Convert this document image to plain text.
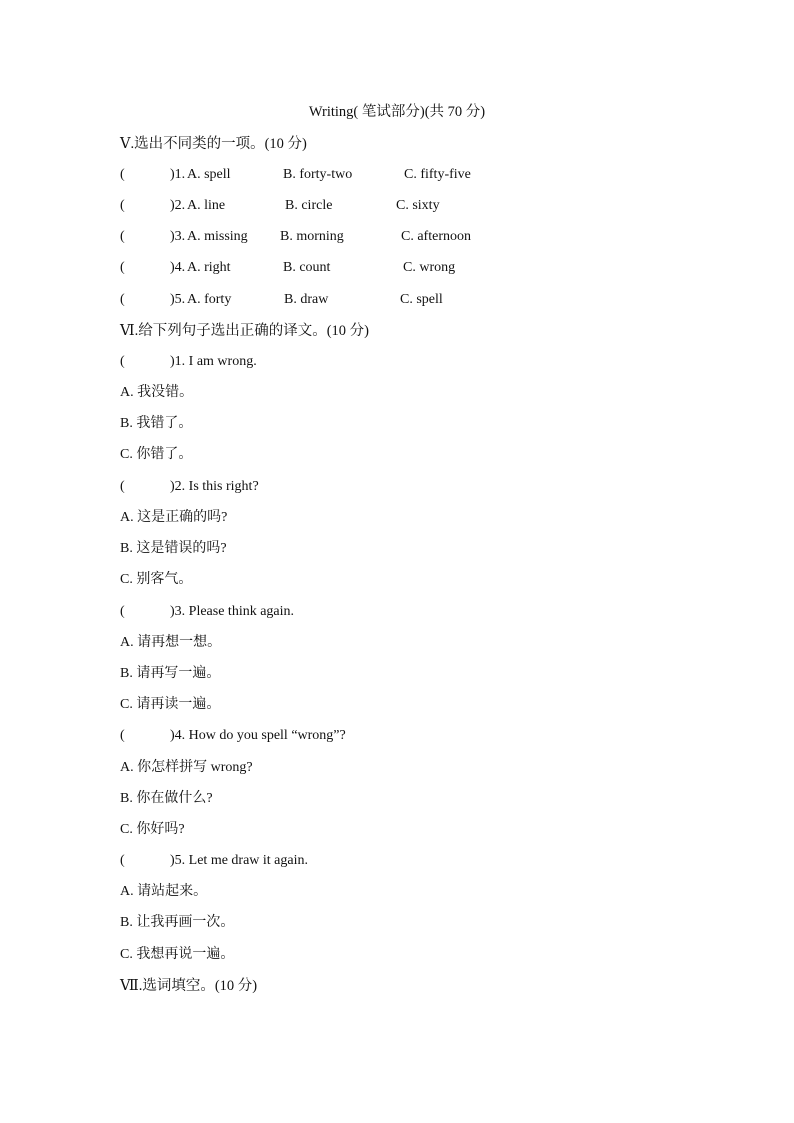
Writing( 笔试部分)(共 70 分)
Ⅴ.选出不同类的一项。(10 分)
(	)1. A. spell	B. forty-two	C. fifty-five
(	)2. A. line	B. circle	C. sixty
(	)3. A. missing B. morning	C. afternoon
(	)4. A. right	B. count	C. wrong
(	)5. A. forty	B. draw	C. spell
Ⅵ.给下列句子选出正确的译文。(10 分)
(	)1. I am wrong.
A. 我没错。
B. 我错了。
C. 你错了。
(	)2. Is this right?
A. 这是正确的吗?
B. 这是错误的吗?
C. 别客气。
(	)3. Please think again.
A. 请再想一想。
B. 请再写一遍。
C. 请再读一遍。
(	)4. How do you spell “wrong”?
A. 你怎样拼写 wrong?
B. 你在做什么?
C. 你好吗?
(	)5. Let me draw it again.
A. 请站起来。
B. 让我再画一次。
C. 我想再说一遍。
Ⅶ.选词填空。(10 分)
